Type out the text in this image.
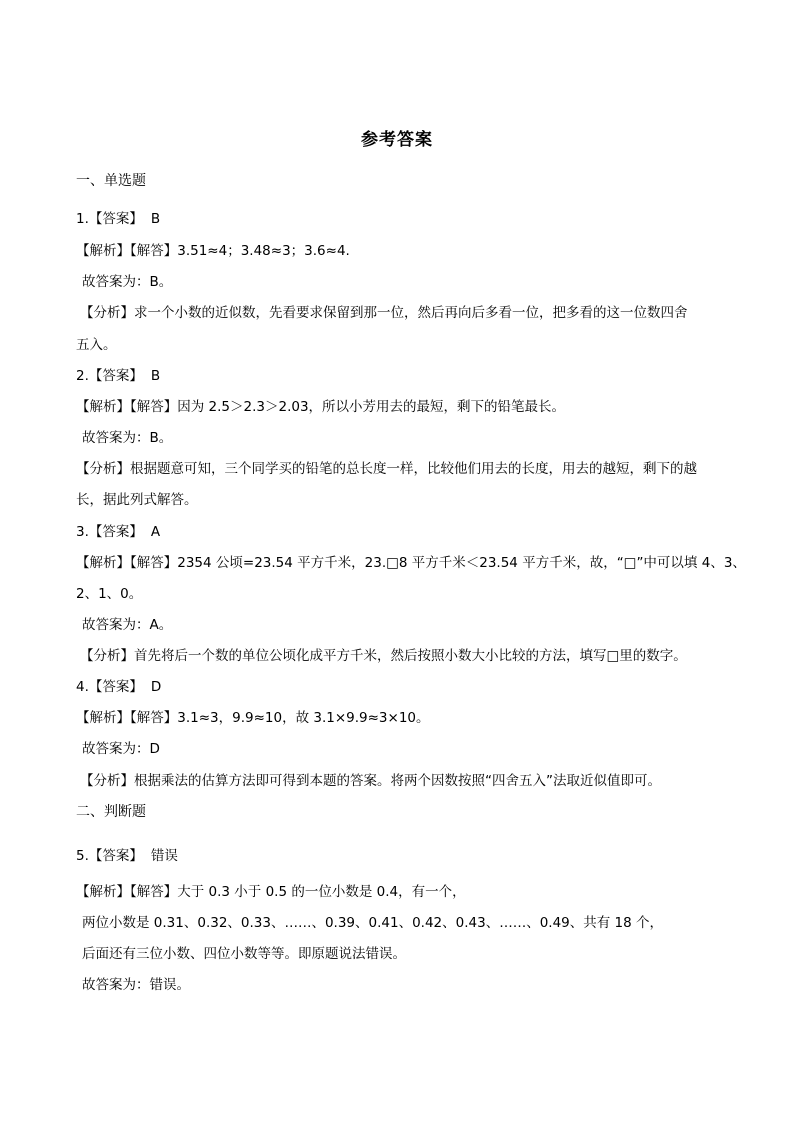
参考答案
一、单选题
1.【答案】 B
【解析】【解答】3.51≈4；3.48≈3；3.6≈4.
故答案为：B。
【分析】求一个小数的近似数，先看要求保留到那一位，然后再向后多看一位，把多看的这一位数四舍
五入。
2.【答案】 B
【解析】【解答】因为 2.5＞2.3＞2.03，所以小芳用去的最短，剩下的铅笔最长。
故答案为：B。
【分析】根据题意可知，三个同学买的铅笔的总长度一样，比较他们用去的长度，用去的越短，剩下的越
长，据此列式解答。
3.【答案】 A
【解析】【解答】2354 公顷=23.54 平方千米，23.□8 平方千米＜23.54 平方千米，故，“□”中可以填 4、3、
2、1、0。
故答案为：A。
【分析】首先将后一个数的单位公顷化成平方千米，然后按照小数大小比较的方法，填写□里的数字。
4.【答案】 D
【解析】【解答】3.1≈3，9.9≈10，故 3.1×9.9≈3×10。
故答案为：D
【分析】根据乘法的估算方法即可得到本题的答案。将两个因数按照“四舍五入”法取近似值即可。
二、判断题
5.【答案】 错误
【解析】【解答】大于 0.3 小于 0.5 的一位小数是 0.4，有一个，
两位小数是 0.31、0.32、0.33、……、0.39、0.41、0.42、0.43、……、0.49、共有 18 个，
后面还有三位小数、四位小数等等。即原题说法错误。
故答案为：错误。
